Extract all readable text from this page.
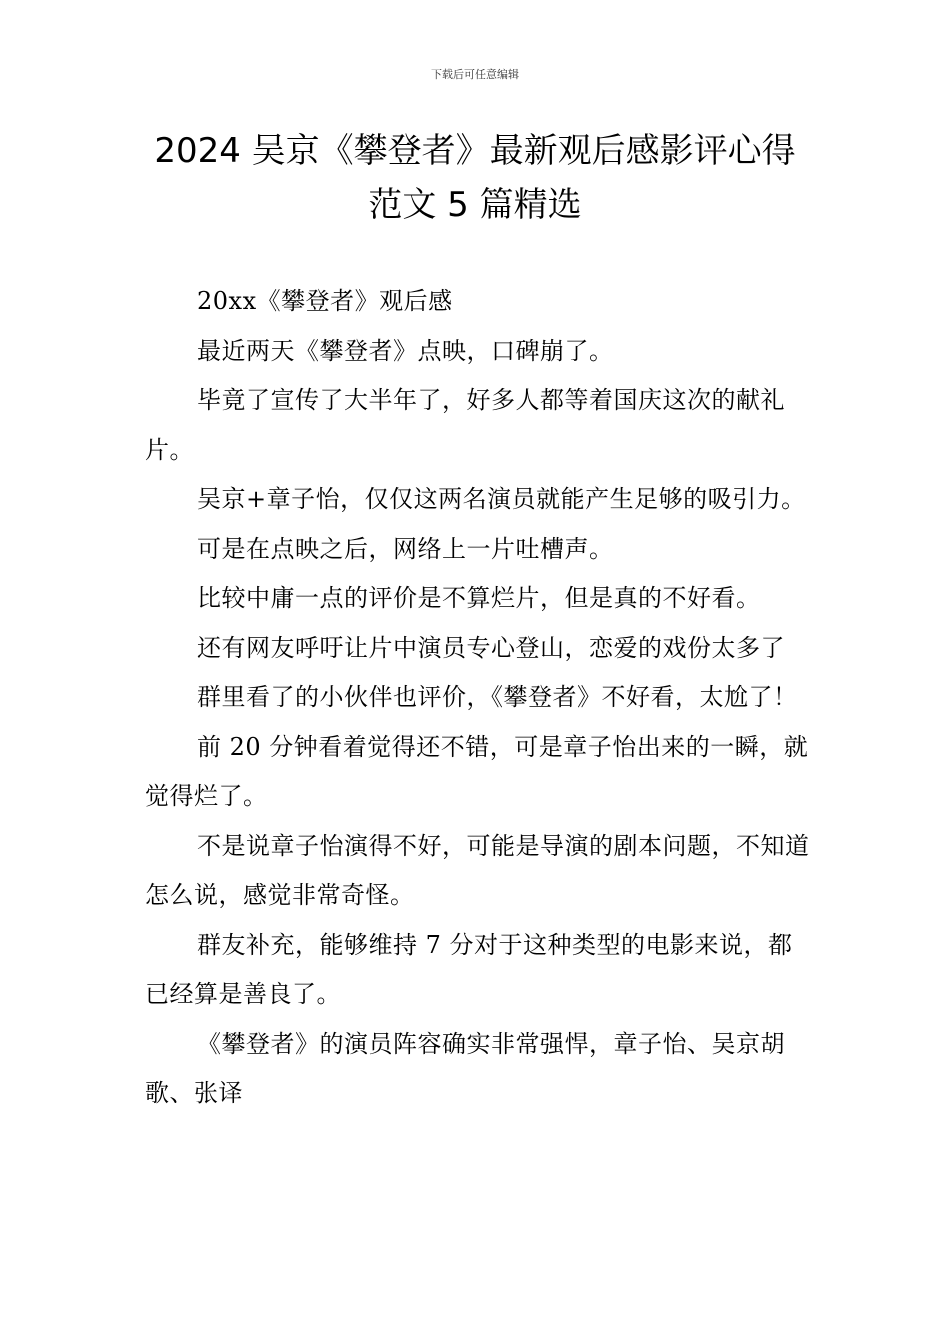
下载后可任意编辑
2024 吴京《攀登者》最新观后感影评心得
范文 5 篇精选

20xx《攀登者》观后感

最近两天《攀登者》点映，口碑崩了。

毕竟了宣传了大半年了，好多人都等着国庆这次的献礼片。

吴京+章子怡，仅仅这两名演员就能产生足够的吸引力。

可是在点映之后，网络上一片吐槽声。

比较中庸一点的评价是不算烂片，但是真的不好看。

还有网友呼吁让片中演员专心登山，恋爱的戏份太多了

群里看了的小伙伴也评价，《攀登者》不好看，太尬了！

前 20 分钟看着觉得还不错，可是章子怡出来的一瞬，就觉得烂了。

不是说章子怡演得不好，可能是导演的剧本问题，不知道怎么说，感觉非常奇怪。

群友补充，能够维持 7 分对于这种类型的电影来说，都已经算是善良了。

《攀登者》的演员阵容确实非常强悍，章子怡、吴京胡歌、张译
